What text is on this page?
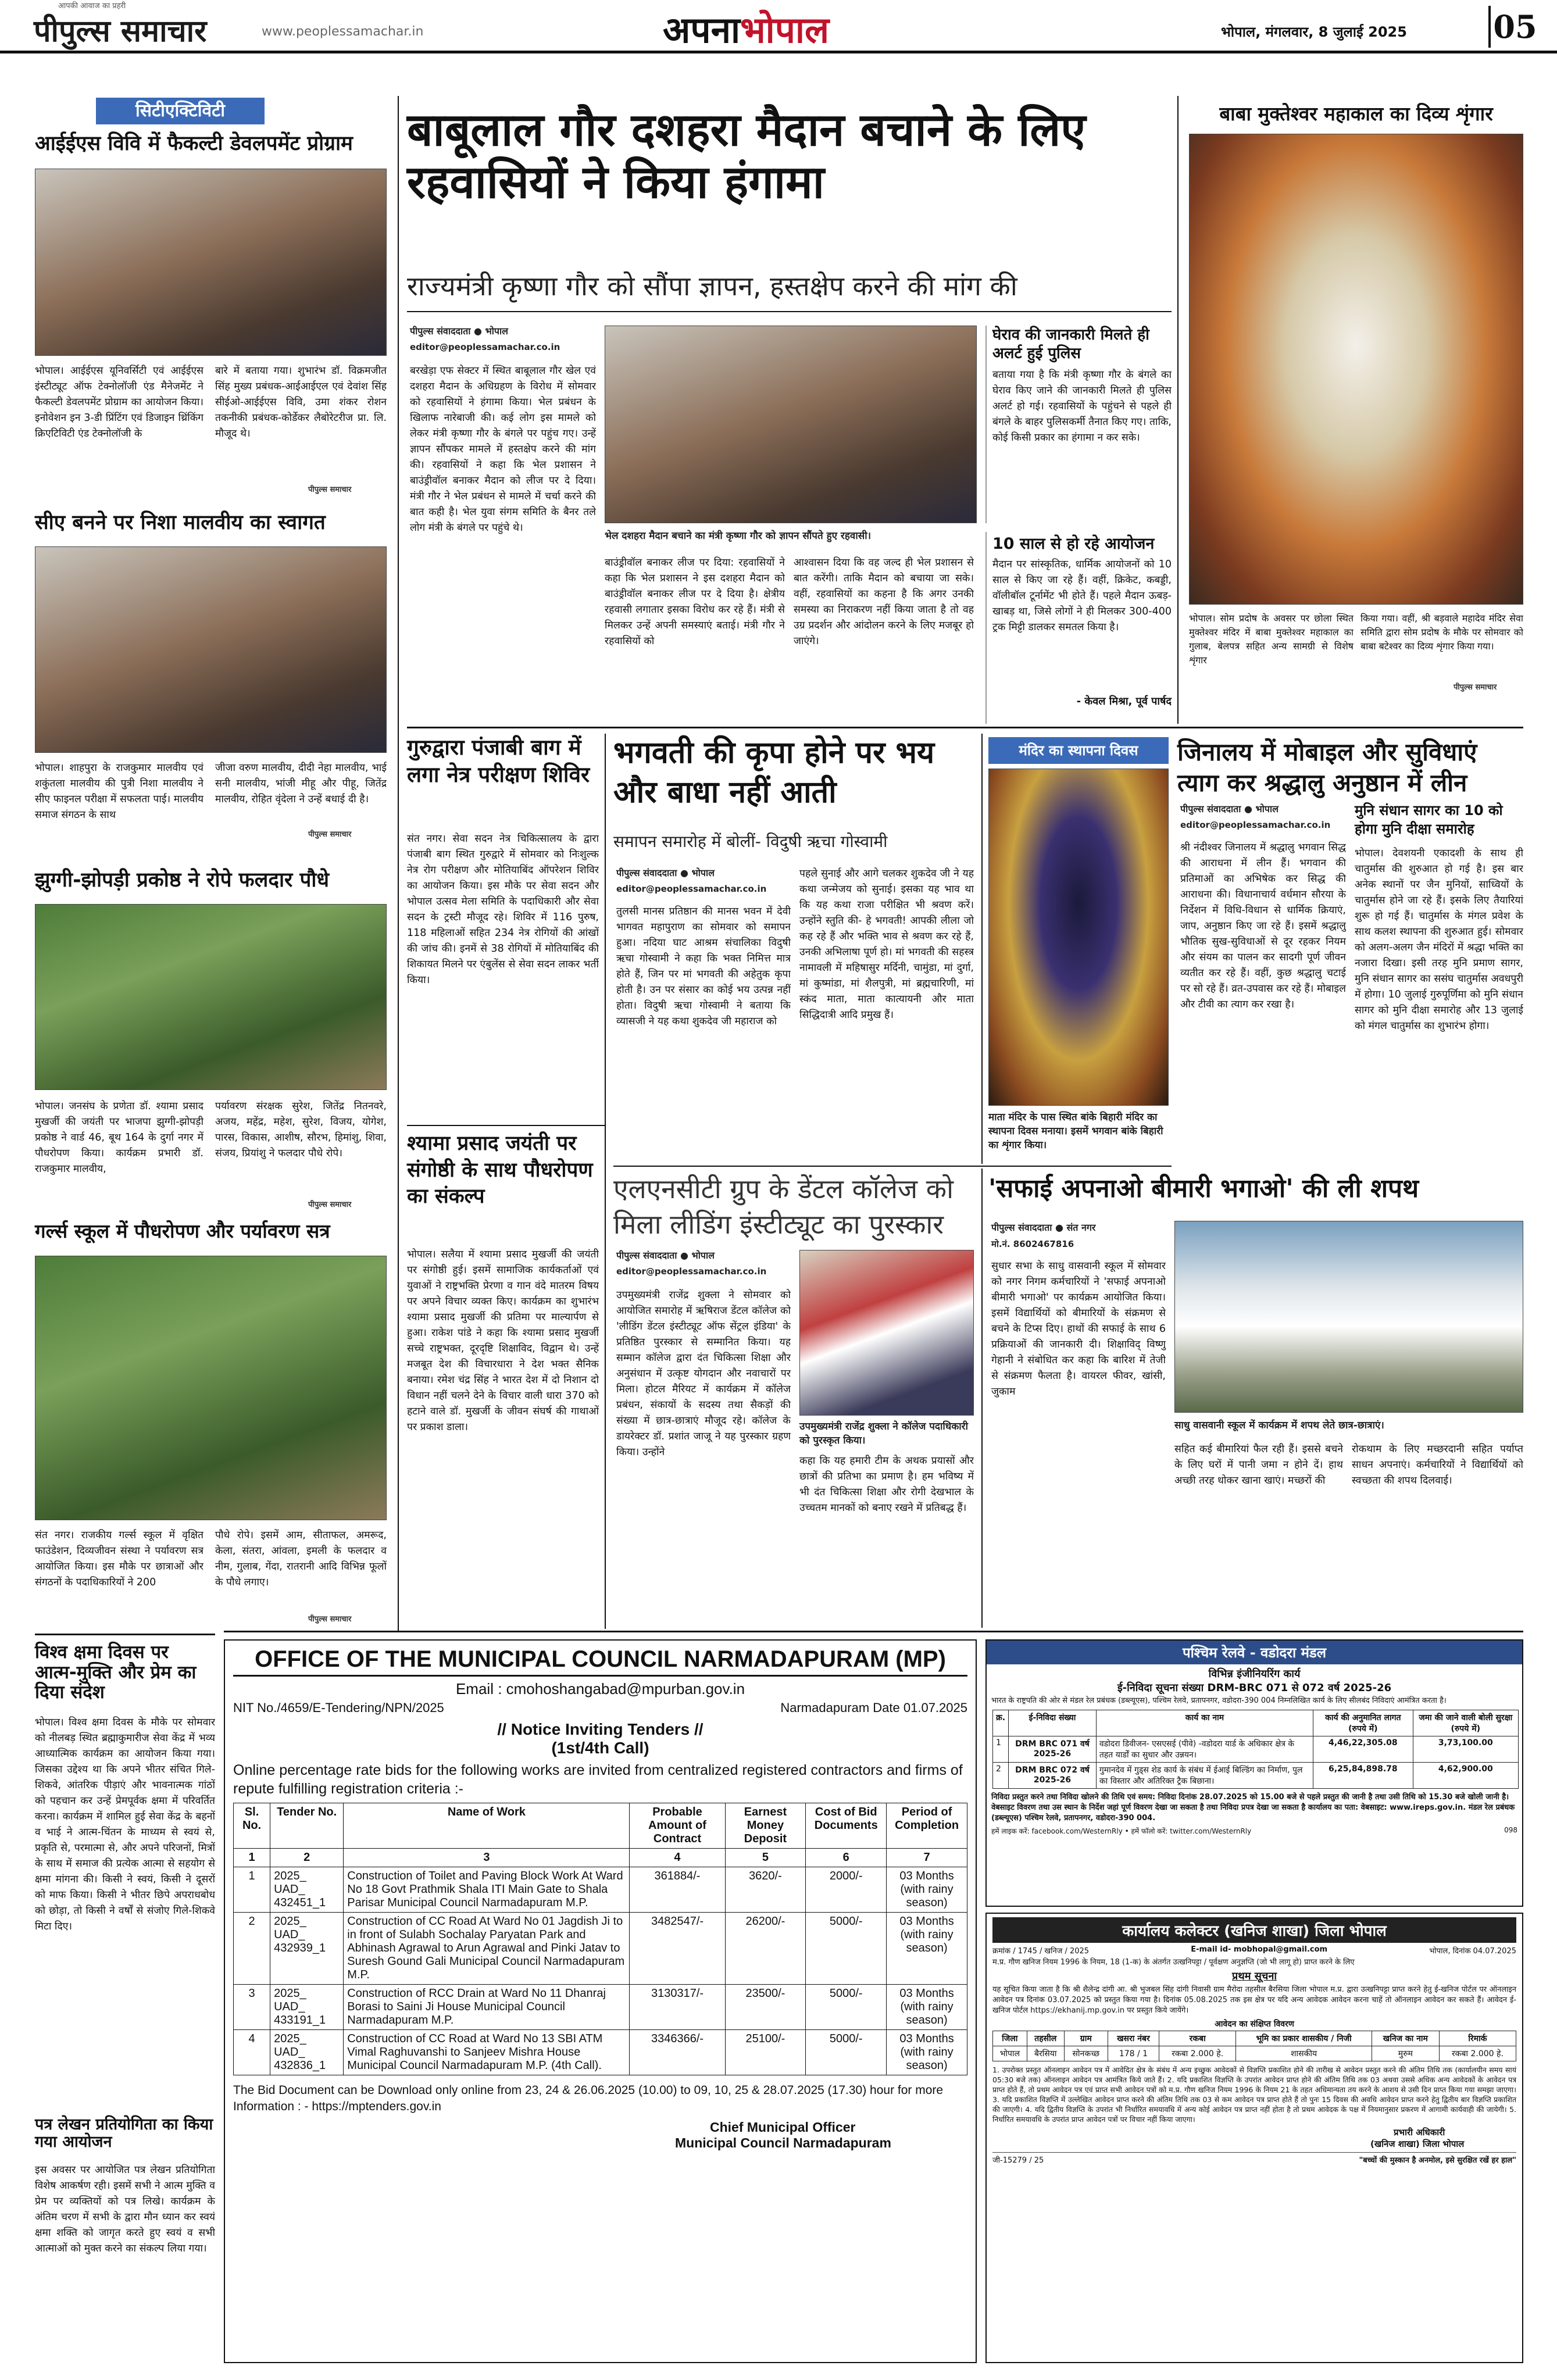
पीपुल्स समाचार
आपकी आवाज का प्रहरी
www.peoplessamachar.in	अपनाभोपाल	भोपाल, मंगलवार, 8 जुलाई 2025	05
सिटीएक्टिविटी
आईईएस विवि में फैकल्टी डेवलपमेंट प्रोग्राम
भोपाल। आईईएस यूनिवर्सिटी एवं आईईएस इंस्टीट्यूट ऑफ टेक्नोलॉजी एंड मैनेजमेंट ने फैकल्टी डेवलपमेंट प्रोग्राम का आयोजन किया। इनोवेशन इन 3-डी प्रिंटिंग एवं डिजाइन थ्रिंकिंग क्रिएटिविटी एंड टेक्नोलॉजी के
बारे में बताया गया। शुभारंभ डॉ. विक्रमजीत सिंह मुख्य प्रबंधक-आईआईएल एवं देवांश सिंह सीईओ-आईईएस विवि, उमा शंकर रोशन तकनीकी प्रबंधक-कोर्डेकर लैबोरेटरीज प्रा. लि. मौजूद थे।
पीपुल्स समाचार
सीए बनने पर निशा मालवीय का स्वागत
भोपाल। शाहपुरा के राजकुमार मालवीय एवं शकुंतला मालवीय की पुत्री निशा मालवीय ने सीए फाइनल परीक्षा में सफलता पाई। मालवीय समाज संगठन के साथ
जीजा वरुण मालवीय, दीदी नेहा मालवीय, भाई सनी मालवीय, भांजी मीहू और पीहू, जितेंद्र मालवीय, रोहित वृंदेला ने उन्हें बधाई दी है।
पीपुल्स समाचार
झुग्गी-झोपड़ी प्रकोष्ठ ने रोपे फलदार पौधे
भोपाल। जनसंघ के प्रणेता डॉ. श्यामा प्रसाद मुखर्जी की जयंती पर भाजपा झुग्गी-झोपड़ी प्रकोष्ठ ने वार्ड 46, बूथ 164 के दुर्गा नगर में पौधरोपण किया। कार्यक्रम प्रभारी डॉ. राजकुमार मालवीय,
पर्यावरण संरक्षक सुरेश, जितेंद्र नितनवरे, अजय, महेंद्र, महेश, सुरेश, विजय, योगेश, पारस, विकास, आशीष, सौरभ, हिमांशु, शिवा, संजय, प्रियांशु ने फलदार पौधे रोपे।
पीपुल्स समाचार
गर्ल्स स्कूल में पौधरोपण और पर्यावरण सत्र
संत नगर। राजकीय गर्ल्स स्कूल में वृक्षित फाउंडेशन, दिव्यजीवन संस्था ने पर्यावरण सत्र आयोजित किया। इस मौके पर छात्राओं और संगठनों के पदाधिकारियों ने 200
पौधे रोपे। इसमें आम, सीताफल, अमरूद, केला, संतरा, आंवला, इमली के फलदार व नीम, गुलाब, गेंदा, रातरानी आदि विभिन्न फूलों के पौधे लगाए।
पीपुल्स समाचार
विश्व क्षमा दिवस पर आत्म-मुक्ति और प्रेम का दिया संदेश
भोपाल। विश्व क्षमा दिवस के मौके पर सोमवार को नीलबड़ स्थित ब्रह्माकुमारीज सेवा केंद्र में भव्य आध्यात्मिक कार्यक्रम का आयोजन किया गया। जिसका उद्देश्य था कि अपने भीतर संचित गिले-शिकवे, आंतरिक पीड़ाएं और भावनात्मक गांठों को पहचान कर उन्हें प्रेमपूर्वक क्षमा में परिवर्तित करना। कार्यक्रम में शामिल हुई सेवा केंद्र के बहनों व भाई ने आत्म-चिंतन के माध्यम से स्वयं से, प्रकृति से, परमात्मा से, और अपने परिजनों, मित्रों के साथ में समाज की प्रत्येक आत्मा से सहयोग से क्षमा मांगना की। किसी ने स्वयं, किसी ने दूसरों को माफ किया। किसी ने भीतर छिपे अपराधबोध को छोड़ा, तो किसी ने वर्षों से संजोए गिले-शिकवे मिटा दिए।
पत्र लेखन प्रतियोगिता का किया गया आयोजन
इस अवसर पर आयोजित पत्र लेखन प्रतियोगिता विशेष आकर्षण रही। इसमें सभी ने आत्म मुक्ति व प्रेम पर व्यक्तियों को पत्र लिखे। कार्यक्रम के अंतिम चरण में सभी के द्वारा मौन ध्यान कर स्वयं क्षमा शक्ति को जागृत करते हुए स्वयं व सभी आत्माओं को मुक्त करने का संकल्प लिया गया।
बाबूलाल गौर दशहरा मैदान बचाने के लिए रहवासियों ने किया हंगामा
राज्यमंत्री कृष्णा गौर को सौंपा ज्ञापन, हस्तक्षेप करने की मांग की
पीपुल्स संवाददाता ● भोपाल
editor@peoplessamachar.co.in
बरखेड़ा एफ सेक्टर में स्थित बाबूलाल गौर खेल एवं दशहरा मैदान के अधिग्रहण के विरोध में सोमवार को रहवासियों ने हंगामा किया। भेल प्रबंधन के खिलाफ नारेबाजी की। कई लोग इस मामले को लेकर मंत्री कृष्णा गौर के बंगले पर पहुंच गए। उन्हें ज्ञापन सौंपकर मामले में हस्तक्षेप करने की मांग की। रहवासियों ने कहा कि भेल प्रशासन ने बाउंड्रीवॉल बनाकर मैदान को लीज पर दे दिया। मंत्री गौर ने भेल प्रबंधन से मामले में चर्चा करने की बात कही है। भेल युवा संगम समिति के बैनर तले लोग मंत्री के बंगले पर पहुंचे थे।
भेल दशहरा मैदान बचाने का मंत्री कृष्णा गौर को ज्ञापन सौंपते हुए रहवासी।
बाउंड्रीवॉल बनाकर लीज पर दिया: रहवासियों ने कहा कि भेल प्रशासन ने इस दशहरा मैदान को बाउंड्रीवॉल बनाकर लीज पर दे दिया है। क्षेत्रीय रहवासी लगातार इसका विरोध कर रहे हैं। मंत्री से मिलकर उन्हें अपनी समस्याएं बताई। मंत्री गौर ने रहवासियों को
आश्वासन दिया कि वह जल्द ही भेल प्रशासन से बात करेंगी। ताकि मैदान को बचाया जा सके। वहीं, रहवासियों का कहना है कि अगर उनकी समस्या का निराकरण नहीं किया जाता है तो वह उग्र प्रदर्शन और आंदोलन करने के लिए मजबूर हो जाएंगे।
घेराव की जानकारी मिलते ही अलर्ट हुई पुलिस
बताया गया है कि मंत्री कृष्णा गौर के बंगले का घेराव किए जाने की जानकारी मिलते ही पुलिस अलर्ट हो गई। रहवासियों के पहुंचने से पहले ही बंगले के बाहर पुलिसकर्मी तैनात किए गए। ताकि, कोई किसी प्रकार का हंगामा न कर सके।
10 साल से हो रहे आयोजन
मैदान पर सांस्कृतिक, धार्मिक आयोजनों को 10 साल से किए जा रहे हैं। वहीं, क्रिकेट, कबड्डी, वॉलीबॉल टूर्नामेंट भी होते हैं। पहले मैदान ऊबड़-खाबड़ था, जिसे लोगों ने ही मिलकर 300-400 ट्रक मिट्टी डालकर समतल किया है।
- केवल मिश्रा, पूर्व पार्षद
बाबा मुक्तेश्वर महाकाल का दिव्य शृंगार
भोपाल। सोम प्रदोष के अवसर पर छोला स्थित मुक्तेश्वर मंदिर में बाबा मुक्तेश्वर महाकाल का गुलाब, बेलपत्र सहित अन्य सामग्री से विशेष शृंगार
किया गया। वहीं, श्री बड़वाले महादेव मंदिर सेवा समिति द्वारा सोम प्रदोष के मौके पर सोमवार को बाबा बटेश्वर का दिव्य शृंगार किया गया।
पीपुल्स समाचार
गुरुद्वारा पंजाबी बाग में लगा नेत्र परीक्षण शिविर
संत नगर। सेवा सदन नेत्र चिकित्सालय के द्वारा पंजाबी बाग स्थित गुरुद्वारे में सोमवार को निःशुल्क नेत्र रोग परीक्षण और मोतियाबिंद ऑपरेशन शिविर का आयोजन किया। इस मौके पर सेवा सदन और भोपाल उत्सव मेला समिति के पदाधिकारी और सेवा सदन के ट्रस्टी मौजूद रहे। शिविर में 116 पुरुष, 118 महिलाओं सहित 234 नेत्र रोगियों की आंखों की जांच की। इनमें से 38 रोगियों में मोतियाबिंद की शिकायत मिलने पर एंबुलेंस से सेवा सदन लाकर भर्ती किया।
भगवती की कृपा होने पर भय और बाधा नहीं आती
समापन समारोह में बोलीं- विदुषी ऋचा गोस्वामी
पीपुल्स संवाददाता ● भोपाल
editor@peoplessamachar.co.in
तुलसी मानस प्रतिष्ठान की मानस भवन में देवी भागवत महापुराण का सोमवार को समापन हुआ। नदिया घाट आश्रम संचालिका विदुषी ऋचा गोस्वामी ने कहा कि भक्त निमित्त मात्र होते हैं, जिन पर मां भगवती की अहेतुक कृपा होती है। उन पर संसार का कोई भय उत्पन्न नहीं होता। विदुषी ऋचा गोस्वामी ने बताया कि व्यासजी ने यह कथा शुकदेव जी महाराज को
पहले सुनाई और आगे चलकर शुकदेव जी ने यह कथा जन्मेजय को सुनाई। इसका यह भाव था कि यह कथा राजा परीक्षित भी श्रवण करें। उन्होंने स्तुति की- हे भगवती! आपकी लीला जो कह रहे हैं और भक्ति भाव से श्रवण कर रहे हैं, उनकी अभिलाषा पूर्ण हो। मां भगवती की सहस्त्र नामावली में महिषासुर मर्दिनी, चामुंडा, मां दुर्गा, मां कुष्मांडा, मां शैलपुत्री, मां ब्रह्मचारिणी, मां स्कंद माता, माता कात्यायनी और माता सिद्धिदात्री आदि प्रमुख हैं।
मंदिर का स्थापना दिवस
माता मंदिर के पास स्थित बांके बिहारी मंदिर का स्थापना दिवस मनाया। इसमें भगवान बांके बिहारी का शृंगार किया।
जिनालय में मोबाइल और सुविधाएं त्याग कर श्रद्धालु अनुष्ठान में लीन
पीपुल्स संवाददाता ● भोपाल
editor@peoplessamachar.co.in
श्री नंदीश्वर जिनालय में श्रद्धालु भगवान सिद्ध की आराधना में लीन हैं। भगवान की प्रतिमाओं का अभिषेक कर सिद्ध की आराधना की। विधानाचार्य वर्धमान सौरया के निर्देशन में विधि-विधान से धार्मिक क्रियाएं, जाप, अनुष्ठान किए जा रहे हैं। इसमें श्रद्धालु भौतिक सुख-सुविधाओं से दूर रहकर नियम और संयम का पालन कर सादगी पूर्ण जीवन व्यतीत कर रहे हैं। वहीं, कुछ श्रद्धालु चटाई पर सो रहे हैं। व्रत-उपवास कर रहे हैं। मोबाइल और टीवी का त्याग कर रखा है।
मुनि संधान सागर का 10 को होगा मुनि दीक्षा समारोह
भोपाल। देवशयनी एकादशी के साथ ही चातुर्मास की शुरुआत हो गई है। इस बार अनेक स्थानों पर जैन मुनियों, साध्वियों के चातुर्मास होने जा रहे हैं। इसके लिए तैयारियां शुरू हो गई हैं। चातुर्मास के मंगल प्रवेश के साथ कलश स्थापना की शुरुआत हुई। सोमवार को अलग-अलग जैन मंदिरों में श्रद्धा भक्ति का नजारा दिखा। इसी तरह मुनि प्रमाण सागर, मुनि संधान सागर का ससंघ चातुर्मास अवधपुरी में होगा। 10 जुलाई गुरुपूर्णिमा को मुनि संधान सागर को मुनि दीक्षा समारोह और 13 जुलाई को मंगल चातुर्मास का शुभारंभ होगा।
श्यामा प्रसाद जयंती पर संगोष्ठी के साथ पौधरोपण का संकल्प
भोपाल। सलैया में श्यामा प्रसाद मुखर्जी की जयंती पर संगोष्ठी हुई। इसमें सामाजिक कार्यकर्ताओं एवं युवाओं ने राष्ट्रभक्ति प्रेरणा व गान वंदे मातरम विषय पर अपने विचार व्यक्त किए। कार्यक्रम का शुभारंभ श्यामा प्रसाद मुखर्जी की प्रतिमा पर माल्यार्पण से हुआ। राकेश पांडे ने कहा कि श्यामा प्रसाद मुखर्जी सच्चे राष्ट्रभक्त, दूरदृष्टि शिक्षाविद, विद्वान थे। उन्हें मजबूत देश की विचारधारा ने देश भक्त सैनिक बनाया। रमेश चंद्र सिंह ने भारत देश में दो निशान दो विधान नहीं चलने देने के विचार वाली धारा 370 को हटाने वाले डॉ. मुखर्जी के जीवन संघर्ष की गाथाओं पर प्रकाश डाला।
एलएनसीटी ग्रुप के डेंटल कॉलेज को मिला लीडिंग इंस्टीट्यूट का पुरस्कार
पीपुल्स संवाददाता ● भोपाल
editor@peoplessamachar.co.in
उपमुख्यमंत्री राजेंद्र शुक्ला ने सोमवार को आयोजित समारोह में ऋषिराज डेंटल कॉलेज को 'लीडिंग डेंटल इंस्टीट्यूट ऑफ सेंट्रल इंडिया' के प्रतिष्ठित पुरस्कार से सम्मानित किया। यह सम्मान कॉलेज द्वारा दंत चिकित्सा शिक्षा और अनुसंधान में उत्कृष्ट योगदान और नवाचारों पर मिला। होटल मैरियट में कार्यक्रम में कॉलेज प्रबंधन, संकायों के सदस्य तथा सैकड़ों की संख्या में छात्र-छात्राएं मौजूद रहे। कॉलेज के डायरेक्टर डॉ. प्रशांत जाजू ने यह पुरस्कार ग्रहण किया। उन्होंने
उपमुख्यमंत्री राजेंद्र शुक्ला ने कॉलेज पदाधिकारी को पुरस्कृत किया।
कहा कि यह हमारी टीम के अथक प्रयासों और छात्रों की प्रतिभा का प्रमाण है। हम भविष्य में भी दंत चिकित्सा शिक्षा और रोगी देखभाल के उच्चतम मानकों को बनाए रखने में प्रतिबद्ध हैं।
'सफाई अपनाओ बीमारी भगाओ' की ली शपथ
पीपुल्स संवाददाता ● संत नगर
मो.नं. 8602467816
सुधार सभा के साधु वासवानी स्कूल में सोमवार को नगर निगम कर्मचारियों ने 'सफाई अपनाओ बीमारी भगाओ' पर कार्यक्रम आयोजित किया। इसमें विद्यार्थियों को बीमारियों के संक्रमण से बचने के टिप्स दिए। हाथों की सफाई के साथ 6 प्रक्रियाओं की जानकारी दी। शिक्षाविद् विष्णु गेहानी ने संबोधित कर कहा कि बारिश में तेजी से संक्रमण फैलता है। वायरल फीवर, खांसी, जुकाम
साधु वासवानी स्कूल में कार्यक्रम में शपथ लेते छात्र-छात्राएं।
सहित कई बीमारियां फैल रही हैं। इससे बचने के लिए घरों में पानी जमा न होने दें। हाथ अच्छी तरह धोकर खाना खाएं। मच्छरों की
रोकथाम के लिए मच्छरदानी सहित पर्याप्त साधन अपनाएं। कर्मचारियों ने विद्यार्थियों को स्वच्छता की शपथ दिलवाई।
OFFICE OF THE MUNICIPAL COUNCIL NARMADAPURAM (MP)
Email : cmohoshangabad@mpurban.gov.in
NIT No./4659/E-Tendering/NPN/2025	Narmadapuram Date 01.07.2025
// Notice Inviting Tenders //
(1st/4th Call)
Online percentage rate bids for the following works are invited from centralized registered contractors and firms of repute fulfilling registration criteria :-
Sl. No.	Tender No.	Name of Work	Probable Amount of Contract	Earnest Money Deposit	Cost of Bid Documents	Period of Completion
1	2	3	4	5	6	7
1	2025_ UAD_ 432451_1	Construction of Toilet and Paving Block Work At Ward No 18 Govt Prathmik Shala ITI Main Gate to Shala Parisar Municipal Council Narmadapuram M.P.	361884/-	3620/-	2000/-	03 Months (with rainy season)
2	2025_ UAD_ 432939_1	Construction of CC Road At Ward No 01 Jagdish Ji to in front of Sulabh Sochalay Paryatan Park and Abhinash Agrawal to Arun Agrawal and Pinki Jatav to Suresh Gound Gali Municipal Council Narmadapuram M.P.	3482547/-	26200/-	5000/-	03 Months (with rainy season)
3	2025_ UAD_ 433191_1	Construction of RCC Drain at Ward No 11 Dhanraj Borasi to Saini Ji House Municipal Council Narmadapuram M.P.	3130317/-	23500/-	5000/-	03 Months (with rainy season)
4	2025_ UAD_ 432836_1	Construction of CC Road at Ward No 13 SBI ATM Vimal Raghuvanshi to Sanjeev Mishra House Municipal Council Narmadapuram M.P. (4th Call).	3346366/-	25100/-	5000/-	03 Months (with rainy season)
The Bid Document can be Download only online from 23, 24 & 26.06.2025 (10.00) to 09, 10, 25 & 28.07.2025 (17.30) hour for more Information : - https://mptenders.gov.in
Chief Municipal Officer
Municipal Council Narmadapuram
पश्चिम रेलवे - वडोदरा मंडल
विभिन्न इंजीनियरिंग कार्य
ई-निविदा सूचना संख्या DRM-BRC 071 से 072 वर्ष 2025-26
भारत के राष्ट्रपति की ओर से मंडल रेल प्रबंधक (डब्ल्यूएस), पश्चिम रेलवे, प्रतापनगर, वडोदरा-390 004 निम्नलिखित कार्य के लिए सीलबंद निविदाएं आमंत्रित करता है।
क्र.	ई-निविदा संख्या	कार्य का नाम	कार्य की अनुमानित लागत (रुपये में)	जमा की जाने वाली बोली सुरक्षा (रुपये में)
1	DRM BRC 071 वर्ष 2025-26	वडोदरा डिवीजन- एसएसई (पीवे) -वडोदरा यार्ड के अधिकार क्षेत्र के तहत यार्डों का सुधार और उन्नयन।	4,46,22,305.08	3,73,100.00
2	DRM BRC 072 वर्ष 2025-26	गुमानदेव में गुड्स शेड कार्य के संबंध में ईआई बिल्डिंग का निर्माण, पुल का विस्तार और अतिरिक्त ट्रैक बिछाना।	6,25,84,898.78	4,62,900.00
निविदा प्रस्तुत करने तथा निविदा खोलने की तिथि एवं समय: निविदा दिनांक 28.07.2025 को 15.00 बजे से पहले प्रस्तुत की जानी है तथा उसी तिथि को 15.30 बजे खोली जानी है। वेबसाइट विवरण तथा उस स्थान के निर्देश जहां पूर्ण विवरण देखा जा सकता है तथा निविदा प्रपत्र देखा जा सकता है कार्यालय का पता: वेबसाइट: www.ireps.gov.in. मंडल रेल प्रबंधक (डब्ल्यूएस) पश्चिम रेलवे, प्रतापनगर, वडोदरा-390 004.
हमें लाइक करें: facebook.com/WesternRly • हमें फॉलो करें: twitter.com/WesternRly	098
कार्यालय कलेक्टर (खनिज शाखा) जिला भोपाल
क्रमांक / 1745 / खनिज / 2025	E-mail id- mobhopal@gmail.com	भोपाल, दिनांक 04.07.2025
म.प्र. गौण खनिज नियम 1996 के नियम, 18 (1-क) के अंतर्गत उत्खनिपट्टा / पूर्वक्षण अनुज्ञप्ति (जो भी लागू हो) प्राप्त करने के लिए
प्रथम सूचना
यह सूचित किया जाता है कि श्री शैलेन्द्र दांगी आ. श्री भुजबल सिंह दांगी निवासी ग्राम मैरोदा तहसील बैरसिया जिला भोपाल म.प्र. द्वारा उत्खनिपट्टा प्राप्त करने हेतु ई-खनिज पोर्टल पर ऑनलाइन आवेदन पत्र दिनांक 03.07.2025 को प्रस्तुत किया गया है। दिनांक 05.08.2025 तक इस क्षेत्र पर यदि अन्य आवेदक आवेदन करना चाहें तो ऑनलाइन आवेदन कर सकते हैं। आवेदन ई-खनिज पोर्टल https://ekhanij.mp.gov.in पर प्रस्तुत किये जायेंगे।
आवेदन का संक्षिप्त विवरण
जिला	तहसील	ग्राम	खसरा नंबर	रकबा	भूमि का प्रकार शासकीय / निजी	खनिज का नाम	रिमार्क
भोपाल	बैरसिया	सोनकच्छ	178 / 1	रकबा 2.000 हे.	शासकीय	मुरुम	रकबा 2.000 हे.
1. उपरोक्त प्रस्तुत ऑनलाइन आवेदन पत्र में आवेदित क्षेत्र के संबंध में अन्य इच्छुक आवेदकों से विज्ञप्ति प्रकाशित होने की तारीख से आवेदन प्रस्तुत करने की अंतिम तिथि तक (कार्यालयीन समय सायं 05:30 बजे तक) ऑनलाइन आवेदन पत्र आमंत्रित किये जाते हैं। 2. यदि प्रकाशित विज्ञप्ति के उपरांत आवेदन प्राप्त होने की अंतिम तिथि तक 03 अथवा उससे अधिक अन्य आवेदकों के आवेदन पत्र प्राप्त होते हैं, तो प्रथम आवेदन पत्र एवं प्राप्त सभी आवेदन पत्रों को म.प्र. गौण खनिज नियम 1996 के नियम 21 के तहत अधिमान्यता तय करने के आशय से उसी दिन प्राप्त किया गया समझा जाएगा। 3. यदि प्रकाशित विज्ञप्ति में उल्लेखित आवेदन प्राप्त करने की अंतिम तिथि तक 03 से कम आवेदन पत्र प्राप्त होते हैं तो पुनः 15 दिवस की अवधि आवेदन प्राप्त करने हेतु द्वितीय बार विज्ञप्ति प्रकाशित की जाएगी। 4. यदि द्वितीय विज्ञप्ति के उपरांत भी निर्धारित समयावधि में अन्य कोई आवेदन पत्र प्राप्त नहीं होता है तो प्रथम आवेदक के पक्ष में नियमानुसार प्रकरण में आगामी कार्यवाही की जायेगी। 5. निर्धारित समयावधि के उपरांत प्राप्त आवेदन पत्रों पर विचार नहीं किया जाएगा।
प्रभारी अधिकारी
(खनिज शाखा) जिला भोपाल
जी-15279 / 25	"बच्चों की मुस्कान है अनमोल, इसे सुरक्षित रखें हर हाल"
